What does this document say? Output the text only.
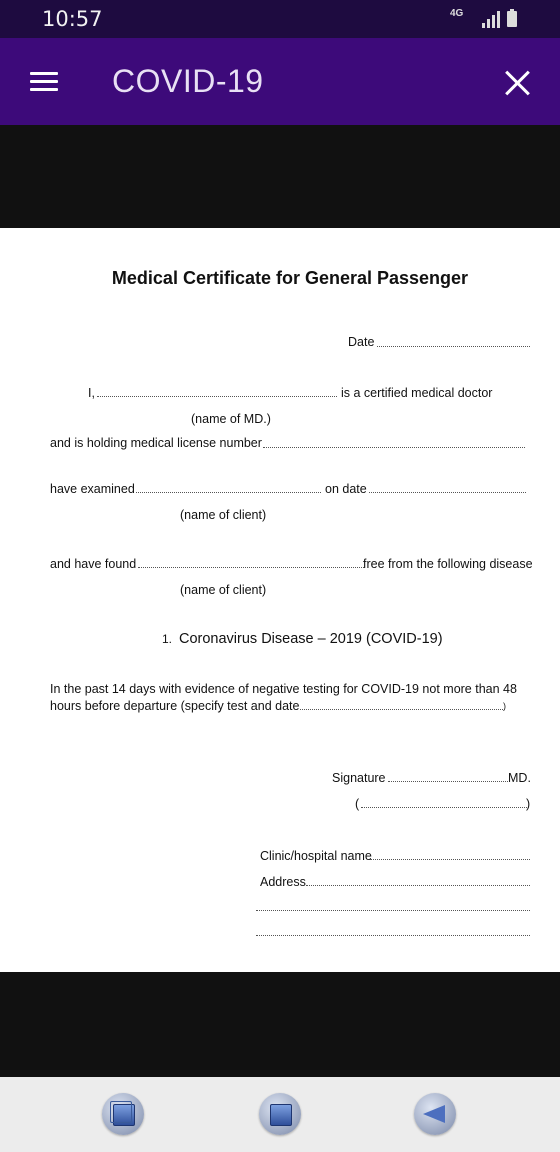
10:57	4G
COVID-19
Medical Certificate for General Passenger
Date
I,	is a certified medical doctor
(name of MD.)
and is holding medical license number
have examined	on date
(name of client)
and have found	free from the following disease
(name of client)
1. Coronavirus Disease – 2019 (COVID-19)
In the past 14 days with evidence of negative testing for COVID-19 not more than 48
hours before departure (specify test and date	)
Signature	MD.
(	)
Clinic/hospital name
Address
